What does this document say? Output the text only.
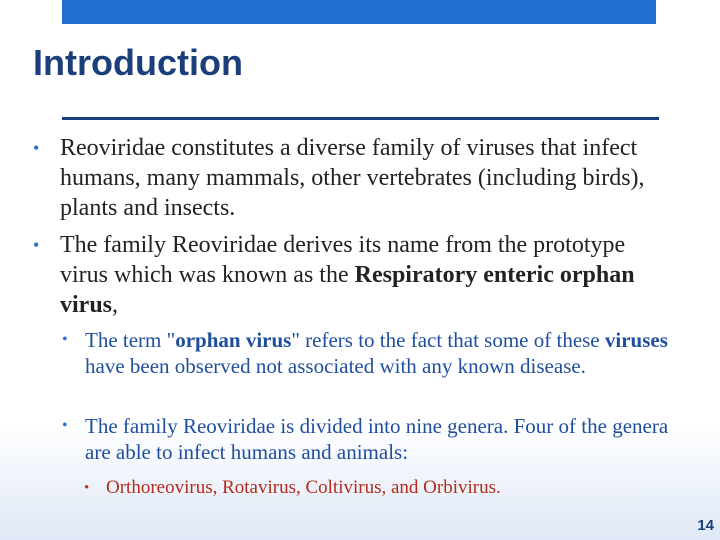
Introduction
• Reoviridae constitutes a diverse family of viruses that infect humans, many mammals, other vertebrates (including birds), plants and insects.
• The family Reoviridae derives its name from the prototype virus which was known as the Respiratory enteric orphan virus,
• The term "orphan virus" refers to the fact that some of these viruses have been observed not associated with any known disease.
• The family Reoviridae is divided into nine genera. Four of the genera are able to infect humans and animals:
• Orthoreovirus, Rotavirus, Coltivirus, and Orbivirus.
14
